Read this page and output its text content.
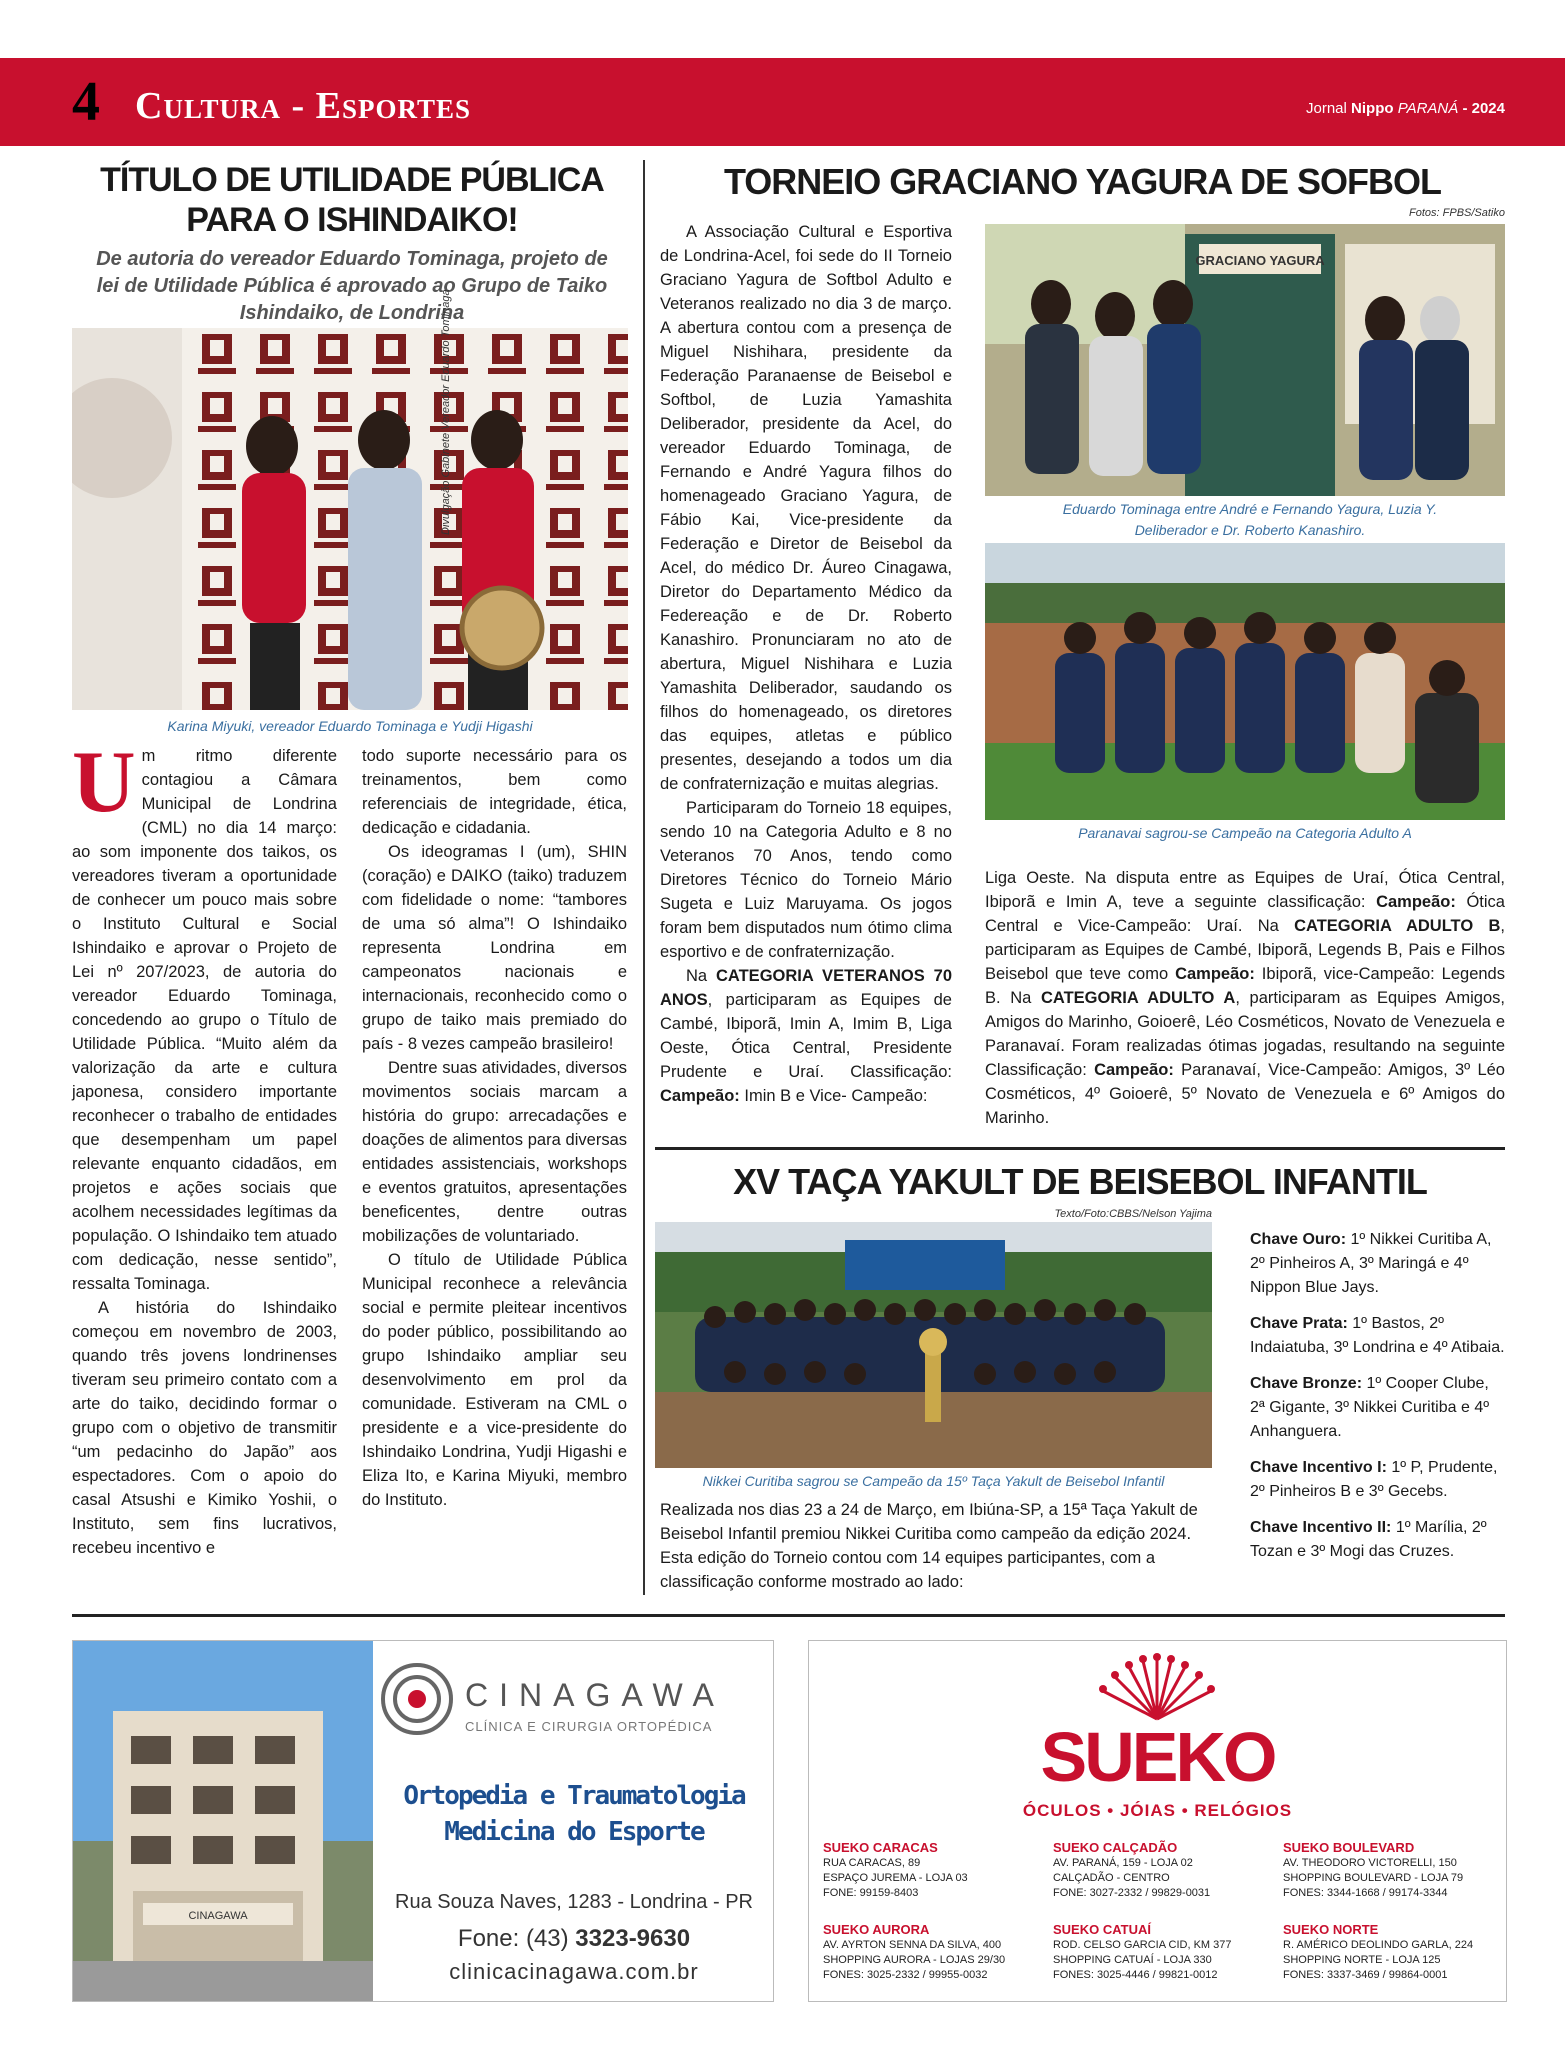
4 Cultura - Esportes	Jornal Nippo PARANÁ - 2024
TÍTULO DE UTILIDADE PÚBLICA
PARA O ISHINDAIKO!
De autoria do vereador Eduardo Tominaga, projeto de lei de Utilidade Pública é aprovado ao Grupo de Taiko Ishindaiko, de Londrina
Divulgação Gabinete Vereador Eduardo Tominaga
Karina Miyuki, vereador Eduardo Tominaga e Yudji Higashi

Um ritmo diferente contagiou a Câmara Municipal de Londrina (CML) no dia 14 março: ao som imponente dos taikos, os vereadores tiveram a oportunidade de conhecer um pouco mais sobre o Instituto Cultural e Social Ishindaiko e aprovar o Projeto de Lei nº 207/2023, de autoria do vereador Eduardo Tominaga, concedendo ao grupo o Título de Utilidade Pública. “Muito além da valorização da arte e cultura japonesa, considero importante reconhecer o trabalho de entidades que desempenham um papel relevante enquanto cidadãos, em projetos e ações sociais que acolhem necessidades legítimas da população. O Ishindaiko tem atuado com dedicação, nesse sentido”, ressalta Tominaga.

A história do Ishindaiko começou em novembro de 2003, quando três jovens londrinenses tiveram seu primeiro contato com a arte do taiko, decidindo formar o grupo com o objetivo de transmitir “um pedacinho do Japão” aos espectadores. Com o apoio do casal Atsushi e Kimiko Yoshii, o Instituto, sem fins lucrativos, recebeu incentivo e

todo suporte necessário para os treinamentos, bem como referenciais de integridade, ética, dedicação e cidadania.

Os ideogramas I (um), SHIN (coração) e DAIKO (taiko) traduzem com fidelidade o nome: “tambores de uma só alma”! O Ishindaiko representa Londrina em campeonatos nacionais e internacionais, reconhecido como o grupo de taiko mais premiado do país - 8 vezes campeão brasileiro!

Dentre suas atividades, diversos movimentos sociais marcam a história do grupo: arrecadações e doações de alimentos para diversas entidades assistenciais, workshops e eventos gratuitos, apresentações beneficentes, dentre outras mobilizações de voluntariado.

O título de Utilidade Pública Municipal reconhece a relevância social e permite pleitear incentivos do poder público, possibilitando ao grupo Ishindaiko ampliar seu desenvolvimento em prol da comunidade. Estiveram na CML o presidente e a vice-presidente do Ishindaiko Londrina, Yudji Higashi e Eliza Ito, e Karina Miyuki, membro do Instituto.

TORNEIO GRACIANO YAGURA DE SOFBOL
Fotos: FPBS/Satiko

A Associação Cultural e Esportiva de Londrina-Acel, foi sede do II Torneio Graciano Yagura de Softbol Adulto e Veteranos realizado no dia 3 de março. A abertura contou com a presença de Miguel Nishihara, presidente da Federação Paranaense de Beisebol e Softbol, de Luzia Yamashita Deliberador, presidente da Acel, do vereador Eduardo Tominaga, de Fernando e André Yagura filhos do homenageado Graciano Yagura, de Fábio Kai, Vice-presidente da Federação e Diretor de Beisebol da Acel, do médico Dr. Áureo Cinagawa, Diretor do Departamento Médico da Federeação e de Dr. Roberto Kanashiro. Pronunciaram no ato de abertura, Miguel Nishihara e Luzia Yamashita Deliberador, saudando os filhos do homenageado, os diretores das equipes, atletas e público presentes, desejando a todos um dia de confraternização e muitas alegrias.

Participaram do Torneio 18 equipes, sendo 10 na Categoria Adulto e 8 no Veteranos 70 Anos, tendo como Diretores Técnico do Torneio Mário Sugeta e Luiz Maruyama. Os jogos foram bem disputados num ótimo clima esportivo e de confraternização.

Na CATEGORIA VETERANOS 70 ANOS, participaram as Equipes de Cambé, Ibiporã, Imin A, Imim B, Liga Oeste, Ótica Central, Presidente Prudente e Uraí. Classificação: Campeão: Imin B e Vice- Campeão:

GRACIANO YAGURA
Eduardo Tominaga entre André e Fernando Yagura, Luzia Y. Deliberador e Dr. Roberto Kanashiro.
Paranavai sagrou-se Campeão na Categoria Adulto A

Liga Oeste. Na disputa entre as Equipes de Uraí, Ótica Central, Ibiporã e Imin A, teve a seguinte classificação: Campeão: Ótica Central e Vice-Campeão: Uraí. Na CATEGORIA ADULTO B, participaram as Equipes de Cambé, Ibiporã, Legends B, Pais e Filhos Beisebol que teve como Campeão: Ibiporã, vice-Campeão: Legends B. Na CATEGORIA ADULTO A, participaram as Equipes Amigos, Amigos do Marinho, Goioerê, Léo Cosméticos, Novato de Venezuela e Paranavaí. Foram realizadas ótimas jogadas, resultando na seguinte Classificação: Campeão: Paranavaí, Vice-Campeão: Amigos, 3º Léo Cosméticos, 4º Goioerê, 5º Novato de Venezuela e 6º Amigos do Marinho.

XV TAÇA YAKULT DE BEISEBOL INFANTIL
Texto/Foto:CBBS/Nelson Yajima
Nikkei Curitiba sagrou se Campeão da 15º Taça Yakult de Beisebol Infantil
Realizada nos dias 23 a 24 de Março, em Ibiúna-SP, a 15ª Taça Yakult de Beisebol Infantil premiou Nikkei Curitiba como campeão da edição 2024. Esta edição do Torneio contou com 14 equipes participantes, com a classificação conforme mostrado ao lado:

Chave Ouro: 1º Nikkei Curitiba A, 2º Pinheiros A, 3º Maringá e 4º Nippon Blue Jays.

Chave Prata: 1º Bastos, 2º Indaiatuba, 3º Londrina e 4º Atibaia.

Chave Bronze: 1º Cooper Clube, 2ª Gigante, 3º Nikkei Curitiba e 4º Anhanguera.

Chave Incentivo I: 1º P, Prudente, 2º Pinheiros B e 3º Gecebs.

Chave Incentivo II: 1º Marília, 2º Tozan e 3º Mogi das Cruzes.

CINAGAWA
CINAGAWA
CLÍNICA E CIRURGIA ORTOPÉDICA
Ortopedia e Traumatologia
Medicina do Esporte
Rua Souza Naves, 1283 - Londrina - PR
Fone: (43) 3323-9630
clinicacinagawa.com.br
SUEKO
ÓCULOS • JÓIAS • RELÓGIOS
SUEKO CARACAS
RUA CARACAS, 89
ESPAÇO JUREMA - LOJA 03
FONE: 99159-8403
SUEKO CALÇADÃO
AV. PARANÁ, 159 - LOJA 02
CALÇADÃO - CENTRO
FONE: 3027-2332 / 99829-0031
SUEKO BOULEVARD
AV. THEODORO VICTORELLI, 150
SHOPPING BOULEVARD - LOJA 79
FONES: 3344-1668 / 99174-3344
SUEKO AURORA
AV. AYRTON SENNA DA SILVA, 400
SHOPPING AURORA - LOJAS 29/30
FONES: 3025-2332 / 99955-0032
SUEKO CATUAÍ
ROD. CELSO GARCIA CID, KM 377
SHOPPING CATUAÍ - LOJA 330
FONES: 3025-4446 / 99821-0012
SUEKO NORTE
R. AMÉRICO DEOLINDO GARLA, 224
SHOPPING NORTE - LOJA 125
FONES: 3337-3469 / 99864-0001
